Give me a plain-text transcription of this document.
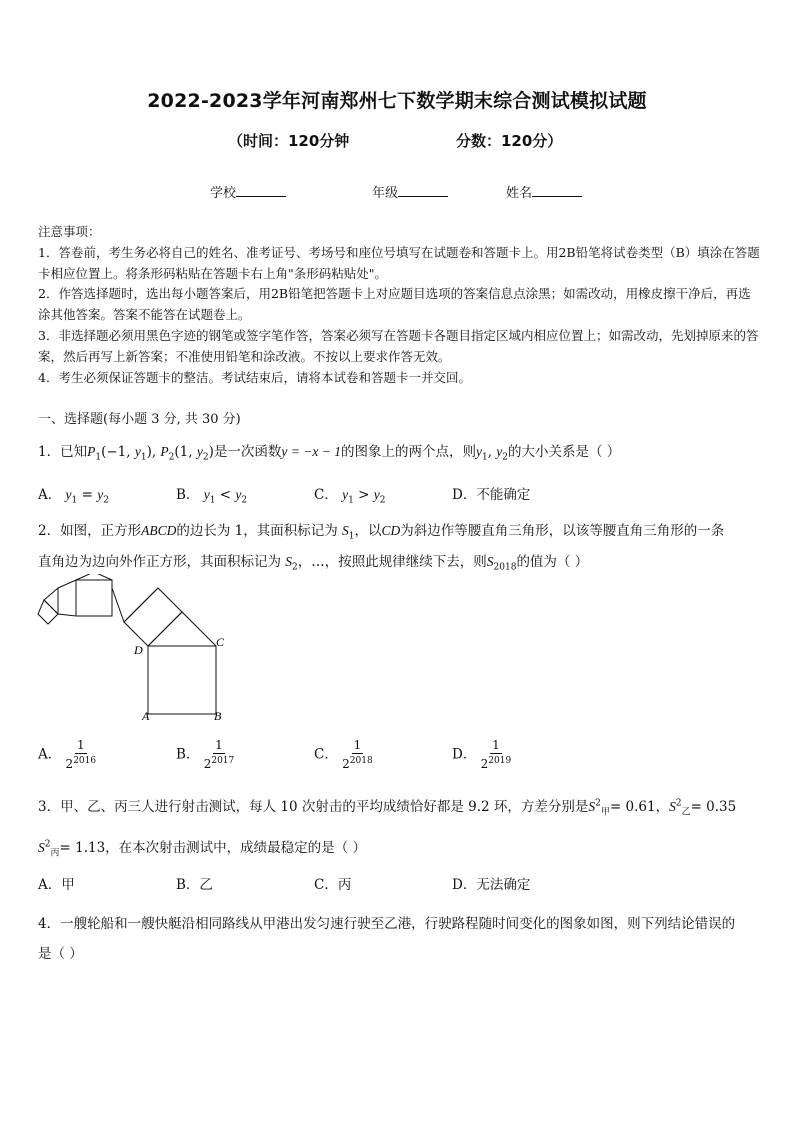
2022-2023学年河南郑州七下数学期末综合测试模拟试题
（时间：120分钟	分数：120分）
学校	年级	姓名

注意事项：

1．答卷前，考生务必将自己的姓名、准考证号、考场号和座位号填写在试题卷和答题卡上。用2B铅笔将试卷类型（B）填涂在答题卡相应位置上。将条形码粘贴在答题卡右上角"条形码粘贴处"。

2．作答选择题时，选出每小题答案后，用2B铅笔把答题卡上对应题目选项的答案信息点涂黑；如需改动，用橡皮擦干净后，再选涂其他答案。答案不能答在试题卷上。

3．非选择题必须用黑色字迹的钢笔或签字笔作答，答案必须写在答题卡各题目指定区域内相应位置上；如需改动，先划掉原来的答案，然后再写上新答案；不准使用铅笔和涂改液。不按以上要求作答无效。

4．考生必须保证答题卡的整洁。考试结束后，请将本试卷和答题卡一并交回。

一、选择题(每小题 3 分, 共 30 分)
1．已知$P_1(-1$, $y_1$), $P_2(1$, $y_2$)是一次函数y = −x − 1的图象上的两个点，则$y_1$, $y_2$的大小关系是（ ）
A． $y_1 = y_2$	B． $y_1 < y_2$	C． $y_1 > y_2$	D．不能确定
2．如图，正方形ABCD的边长为 1，其面积标记为 $S_1$，以CD为斜边作等腰直角三角形，以该等腰直角三角形的一条
直角边为边向外作正方形，其面积标记为 $S_2$，…，按照此规律继续下去，则$S_{2018}$的值为（ ）
A	B
C
D
A． $\frac{1}{2^{2016}}$	B． $\frac{1}{2^{2017}}$	C． $\frac{1}{2^{2018}}$	D． $\frac{1}{2^{2019}}$
3．甲、乙、丙三人进行射击测试，每人 10 次射击的平均成绩恰好都是 9.2 环，方差分别是$S^2_甲= 0.61$，$S^2_乙= 0.35$
$S^2_丙= 1.13$，在本次射击测试中，成绩最稳定的是（ ）
A．甲	B．乙	C．丙	D．无法确定
4．一艘轮船和一艘快艇沿相同路线从甲港出发匀速行驶至乙港，行驶路程随时间变化的图象如图，则下列结论错误的
是（ ）
